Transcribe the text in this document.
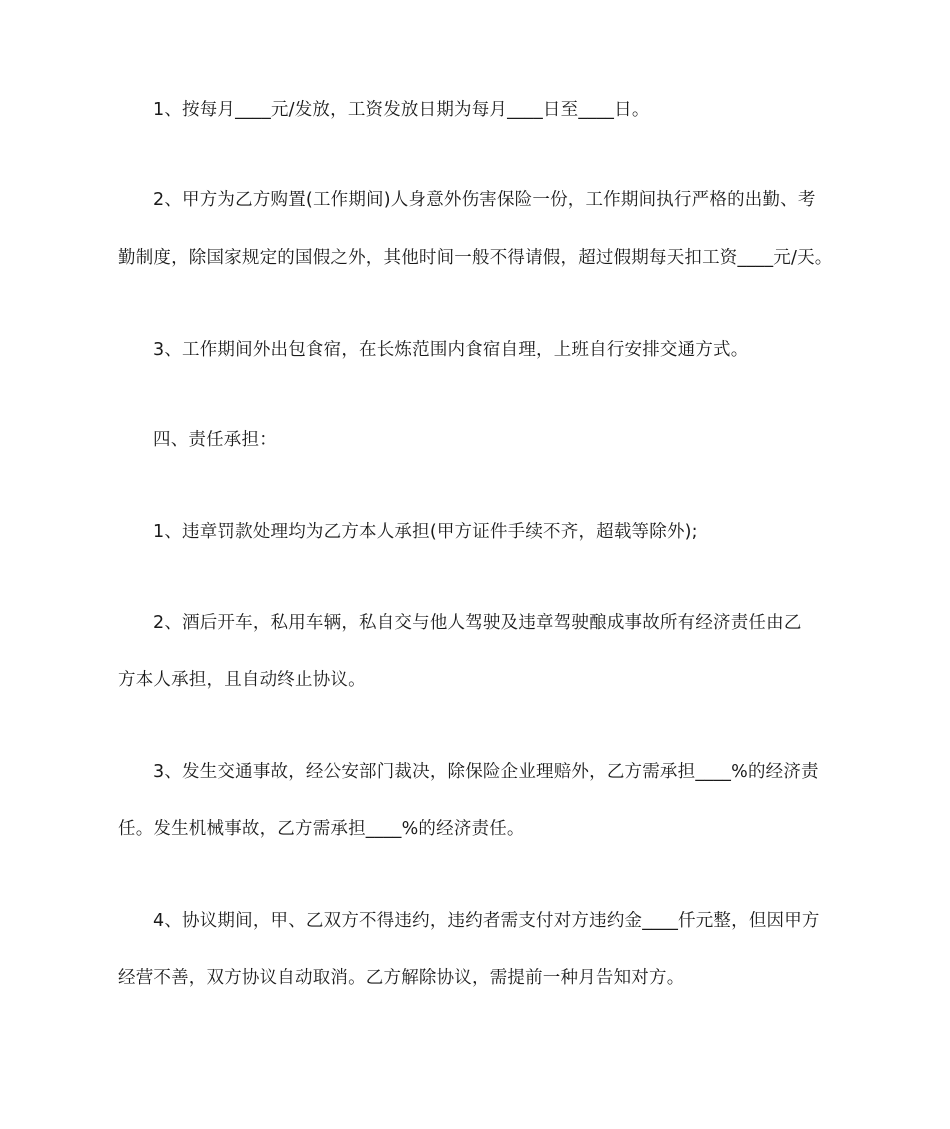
1、按每月____元/发放，工资发放日期为每月____日至____日。
2、甲方为乙方购置(工作期间)人身意外伤害保险一份，工作期间执行严格的出勤、考
勤制度，除国家规定的国假之外，其他时间一般不得请假，超过假期每天扣工资____元/天。
3、工作期间外出包食宿，在长炼范围内食宿自理，上班自行安排交通方式。
四、责任承担：
1、违章罚款处理均为乙方本人承担(甲方证件手续不齐，超载等除外);
2、酒后开车，私用车辆，私自交与他人驾驶及违章驾驶酿成事故所有经济责任由乙
方本人承担，且自动终止协议。
3、发生交通事故，经公安部门裁决，除保险企业理赔外，乙方需承担____%的经济责
任。发生机械事故，乙方需承担____%的经济责任。
4、协议期间，甲、乙双方不得违约，违约者需支付对方违约金____仟元整，但因甲方
经营不善，双方协议自动取消。乙方解除协议，需提前一种月告知对方。
